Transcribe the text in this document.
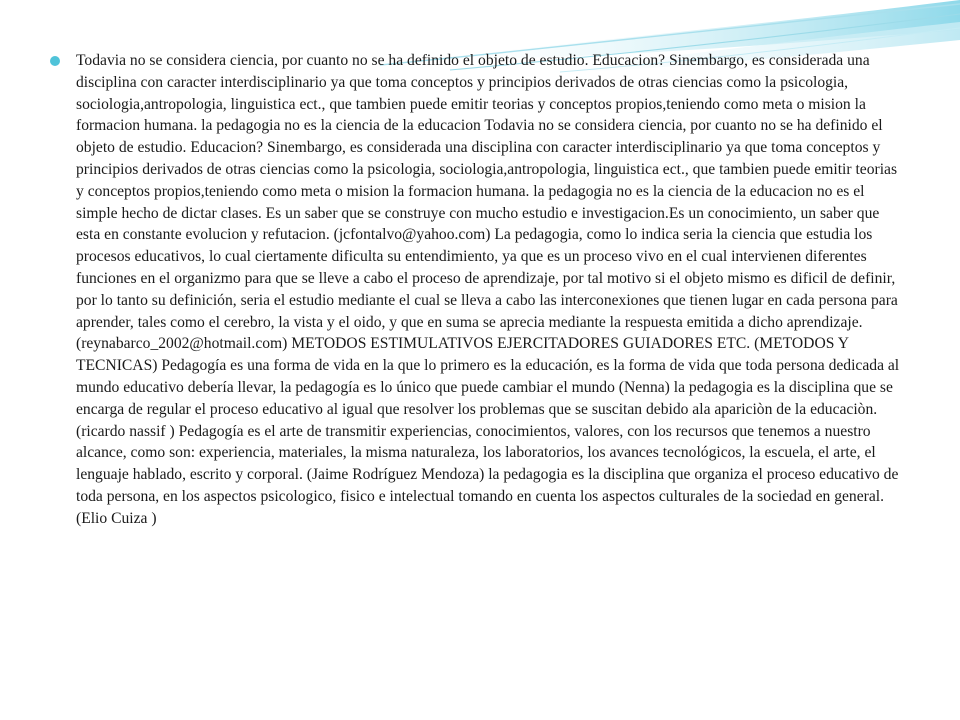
Todavia no se considera ciencia, por cuanto no se ha definido el objeto de estudio. Educacion? Sinembargo, es considerada una disciplina con caracter interdisciplinario ya que toma conceptos y principios derivados de otras ciencias como la psicologia, sociologia,antropologia, linguistica ect., que tambien puede emitir teorias y conceptos propios,teniendo como meta o mision la formacion humana. la pedagogia no es la ciencia de la educacion Todavia no se considera ciencia, por cuanto no se ha definido el objeto de estudio. Educacion? Sinembargo, es considerada una disciplina con caracter interdisciplinario ya que toma conceptos y principios derivados de otras ciencias como la psicologia, sociologia,antropologia, linguistica ect., que tambien puede emitir teorias y conceptos propios,teniendo como meta o mision la formacion humana. la pedagogia no es la ciencia de la educacion no es el simple hecho de dictar clases. Es un saber que se construye con mucho estudio e investigacion.Es un conocimiento, un saber que esta en constante evolucion y refutacion. (jcfontalvo@yahoo.com) La pedagogia, como lo indica seria la ciencia que estudia los procesos educativos, lo cual ciertamente dificulta su entendimiento, ya que es un proceso vivo en el cual intervienen diferentes funciones en el organizmo para que se lleve a cabo el proceso de aprendizaje, por tal motivo si el objeto mismo es dificil de definir, por lo tanto su definición, seria el estudio mediante el cual se lleva a cabo las interconexiones que tienen lugar en cada persona para aprender, tales como el cerebro, la vista y el oido, y que en suma se aprecia mediante la respuesta emitida a dicho aprendizaje. (reynabarco_2002@hotmail.com) METODOS ESTIMULATIVOS EJERCITADORES GUIADORES ETC. (METODOS Y TECNICAS) Pedagogía es una forma de vida en la que lo primero es la educación, es la forma de vida que toda persona dedicada al mundo educativo debería llevar, la pedagogía es lo único que puede cambiar el mundo (Nenna) la pedagogia es la disciplina que se encarga de regular el proceso educativo al igual que resolver los problemas que se suscitan debido ala apariciòn de la educaciòn. (ricardo nassif ) Pedagogía es el arte de transmitir experiencias, conocimientos, valores, con los recursos que tenemos a nuestro alcance, como son: experiencia, materiales, la misma naturaleza, los laboratorios, los avances tecnológicos, la escuela, el arte, el lenguaje hablado, escrito y corporal. (Jaime Rodríguez Mendoza) la pedagogia es la disciplina que organiza el proceso educativo de toda persona, en los aspectos psicologico, fisico e intelectual tomando en cuenta los aspectos culturales de la sociedad en general. (Elio Cuiza )
